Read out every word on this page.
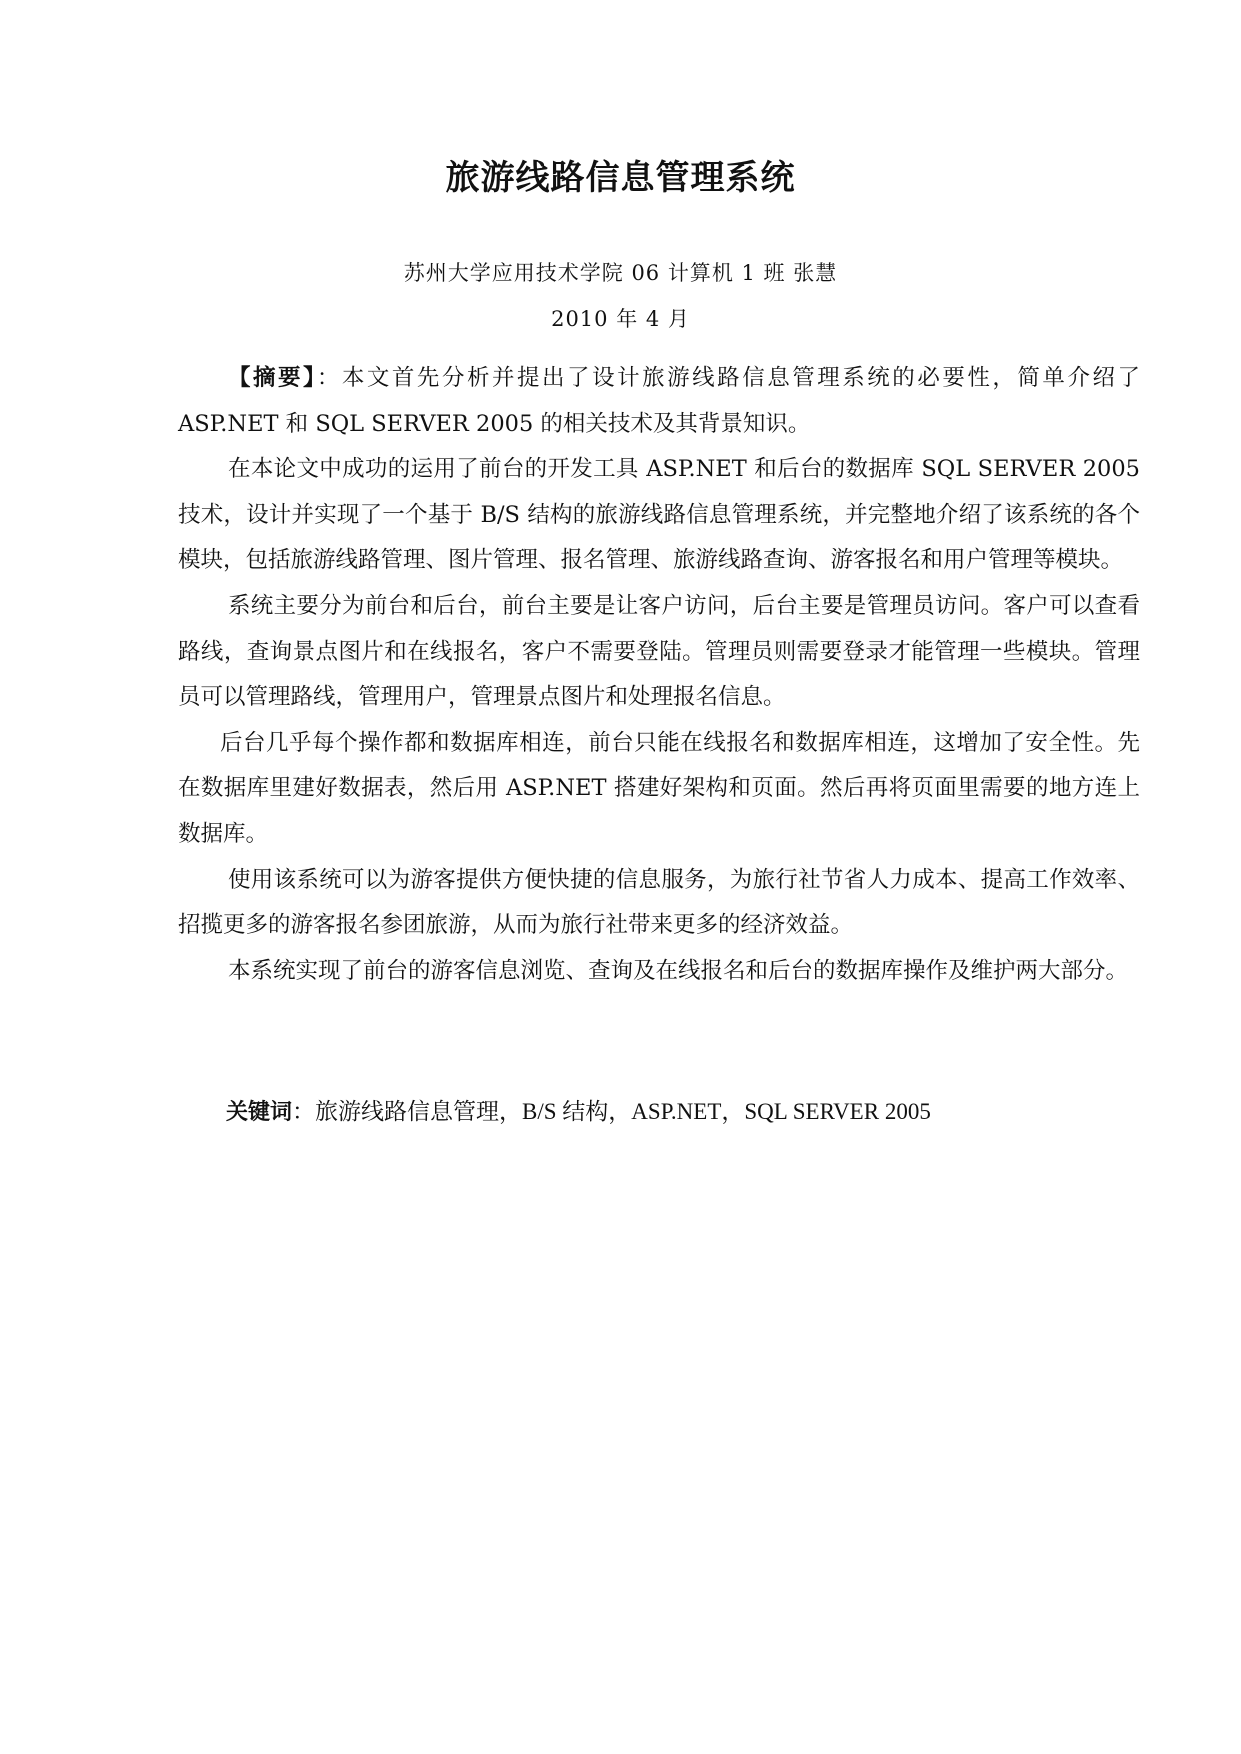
旅游线路信息管理系统
苏州大学应用技术学院 06 计算机 1 班 张慧
2010 年 4 月

【摘要】：本文首先分析并提出了设计旅游线路信息管理系统的必要性，简单介绍了ASP.NET 和 SQL SERVER 2005 的相关技术及其背景知识。

在本论文中成功的运用了前台的开发工具 ASP.NET 和后台的数据库 SQL SERVER 2005 技术，设计并实现了一个基于 B/S 结构的旅游线路信息管理系统，并完整地介绍了该系统的各个模块，包括旅游线路管理、图片管理、报名管理、旅游线路查询、游客报名和用户管理等模块。

系统主要分为前台和后台，前台主要是让客户访问，后台主要是管理员访问。客户可以查看路线，查询景点图片和在线报名，客户不需要登陆。管理员则需要登录才能管理一些模块。管理员可以管理路线，管理用户，管理景点图片和处理报名信息。

后台几乎每个操作都和数据库相连，前台只能在线报名和数据库相连，这增加了安全性。先在数据库里建好数据表，然后用 ASP.NET 搭建好架构和页面。然后再将页面里需要的地方连上数据库。

使用该系统可以为游客提供方便快捷的信息服务，为旅行社节省人力成本、提高工作效率、招揽更多的游客报名参团旅游，从而为旅行社带来更多的经济效益。

本系统实现了前台的游客信息浏览、查询及在线报名和后台的数据库操作及维护两大部分。

关键词：旅游线路信息管理，B/S 结构，ASP.NET，SQL SERVER 2005
